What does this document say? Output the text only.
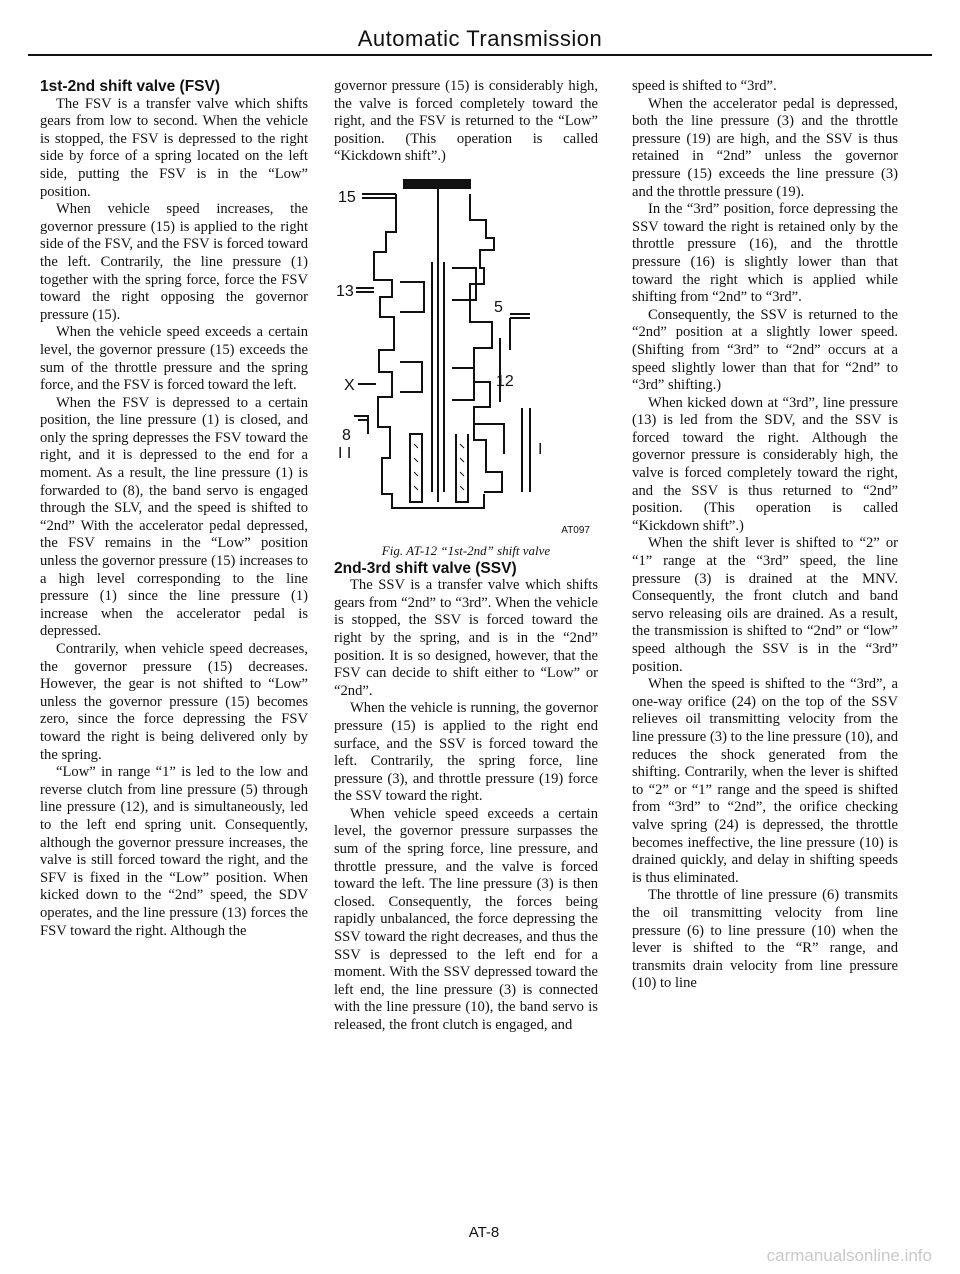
Automatic Transmission

1st-2nd shift valve (FSV)

The FSV is a transfer valve which shifts gears from low to second. When the vehicle is stopped, the FSV is depressed to the right side by force of a spring located on the left side, putting the FSV is in the “Low” position.

When vehicle speed increases, the governor pressure (15) is applied to the right side of the FSV, and the FSV is forced toward the left. Contrarily, the line pressure (1) together with the spring force, force the FSV toward the right opposing the governor pressure (15).

When the vehicle speed exceeds a certain level, the governor pressure (15) exceeds the sum of the throttle pressure and the spring force, and the FSV is forced toward the left.

When the FSV is depressed to a certain position, the line pressure (1) is closed, and only the spring depresses the FSV toward the right, and it is depressed to the end for a moment. As a result, the line pressure (1) is forwarded to (8), the band servo is engaged through the SLV, and the speed is shifted to “2nd” With the accelerator pedal depressed, the FSV remains in the “Low” position unless the governor pressure (15) increases to a high level corresponding to the line pressure (1) since the line pressure (1) increase when the accelerator pedal is depressed.

Contrarily, when vehicle speed decreases, the governor pressure (15) decreases. However, the gear is not shifted to “Low” unless the governor pressure (15) becomes zero, since the force depressing the FSV toward the right is being delivered only by the spring.

“Low” in range “1” is led to the low and reverse clutch from line pressure (5) through line pressure (12), and is simultaneously, led to the left end spring unit. Consequently, although the governor pressure increases, the valve is still forced toward the right, and the SFV is fixed in the “Low” position. When kicked down to the “2nd” speed, the SDV operates, and the line pressure (13) forces the FSV toward the right. Although the

governor pressure (15) is considerably high, the valve is forced completely toward the right, and the FSV is returned to the “Low” position. (This operation is called “Kickdown shift”.)

15
13
5
X	12
8
I I	I
AT097

Fig. AT-12 “1st-2nd” shift valve

2nd-3rd shift valve (SSV)

The SSV is a transfer valve which shifts gears from “2nd” to “3rd”. When the vehicle is stopped, the SSV is forced toward the right by the spring, and is in the “2nd” position. It is so designed, however, that the FSV can decide to shift either to “Low” or “2nd”.

When the vehicle is running, the governor pressure (15) is applied to the right end surface, and the SSV is forced toward the left. Contrarily, the spring force, line pressure (3), and throttle pressure (19) force the SSV toward the right.

When vehicle speed exceeds a certain level, the governor pressure surpasses the sum of the spring force, line pressure, and throttle pressure, and the valve is forced toward the left. The line pressure (3) is then closed. Consequently, the forces being rapidly unbalanced, the force depressing the SSV toward the right decreases, and thus the SSV is depressed to the left end for a moment. With the SSV depressed toward the left end, the line pressure (3) is connected with the line pressure (10), the band servo is released, the front clutch is engaged, and

speed is shifted to “3rd”.

When the accelerator pedal is depressed, both the line pressure (3) and the throttle pressure (19) are high, and the SSV is thus retained in “2nd” unless the governor pressure (15) exceeds the line pressure (3) and the throttle pressure (19).

In the “3rd” position, force depressing the SSV toward the right is retained only by the throttle pressure (16), and the throttle pressure (16) is slightly lower than that toward the right which is applied while shifting from “2nd” to “3rd”.

Consequently, the SSV is returned to the “2nd” position at a slightly lower speed. (Shifting from “3rd” to “2nd” occurs at a speed slightly lower than that for “2nd” to “3rd” shifting.)

When kicked down at “3rd”, line pressure (13) is led from the SDV, and the SSV is forced toward the right. Although the governor pressure is considerably high, the valve is forced completely toward the right, and the SSV is thus returned to “2nd” position. (This operation is called “Kickdown shift”.)

When the shift lever is shifted to “2” or “1” range at the “3rd” speed, the line pressure (3) is drained at the MNV. Consequently, the front clutch and band servo releasing oils are drained. As a result, the transmission is shifted to “2nd” or “low” speed although the SSV is in the “3rd” position.

When the speed is shifted to the “3rd”, a one-way orifice (24) on the top of the SSV relieves oil transmitting velocity from the line pressure (3) to the line pressure (10), and reduces the shock generated from the shifting. Contrarily, when the lever is shifted to “2” or “1” range and the speed is shifted from “3rd” to “2nd”, the orifice checking valve spring (24) is depressed, the throttle becomes ineffective, the line pressure (10) is drained quickly, and delay in shifting speeds is thus eliminated.

The throttle of line pressure (6) transmits the oil transmitting velocity from line pressure (6) to line pressure (10) when the lever is shifted to the “R” range, and transmits drain velocity from line pressure (10) to line

AT-8
carmanualsonline.info
